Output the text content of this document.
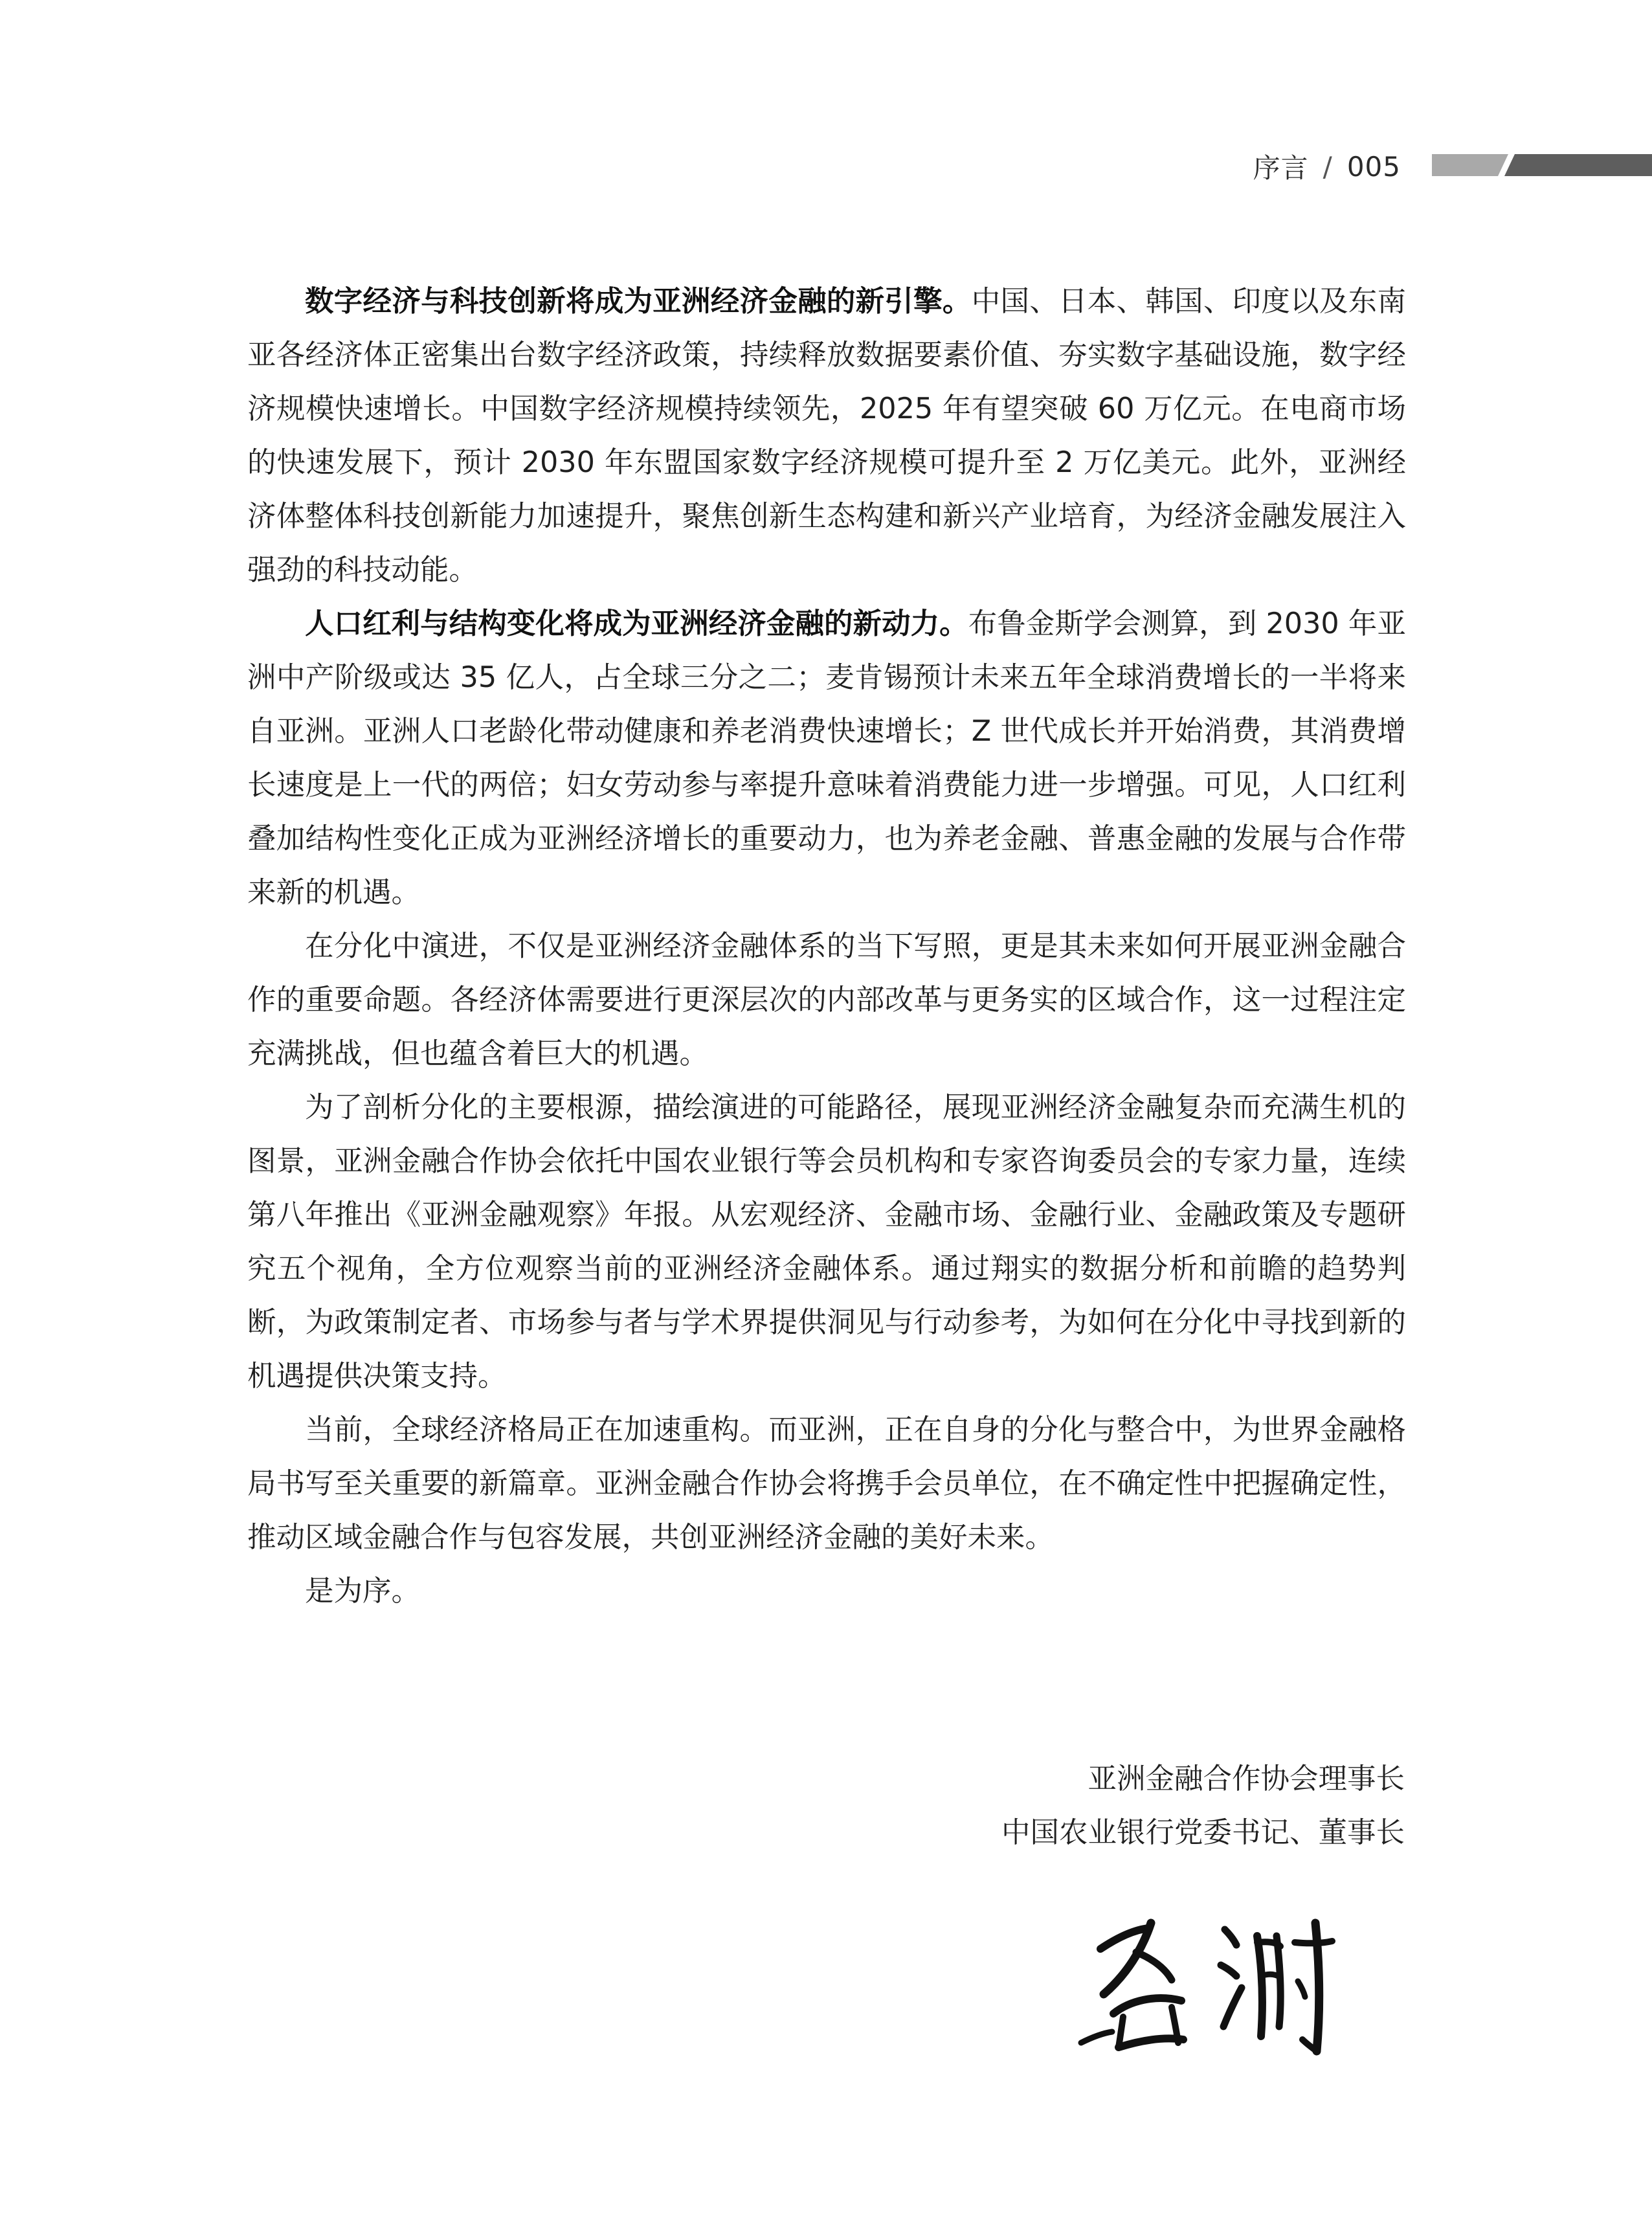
序言 / 005

数字经济与科技创新将成为亚洲经济金融的新引擎。中国、日本、韩国、印度以及东南亚各经济体正密集出台数字经济政策，持续释放数据要素价值、夯实数字基础设施，数字经济规模快速增长。中国数字经济规模持续领先，2025 年有望突破 60 万亿元。在电商市场的快速发展下，预计 2030 年东盟国家数字经济规模可提升至 2 万亿美元。此外，亚洲经济体整体科技创新能力加速提升，聚焦创新生态构建和新兴产业培育，为经济金融发展注入强劲的科技动能。

人口红利与结构变化将成为亚洲经济金融的新动力。布鲁金斯学会测算，到 2030 年亚洲中产阶级或达 35 亿人，占全球三分之二；麦肯锡预计未来五年全球消费增长的一半将来自亚洲。亚洲人口老龄化带动健康和养老消费快速增长；Z 世代成长并开始消费，其消费增长速度是上一代的两倍；妇女劳动参与率提升意味着消费能力进一步增强。可见，人口红利叠加结构性变化正成为亚洲经济增长的重要动力，也为养老金融、普惠金融的发展与合作带来新的机遇。

在分化中演进，不仅是亚洲经济金融体系的当下写照，更是其未来如何开展亚洲金融合作的重要命题。各经济体需要进行更深层次的内部改革与更务实的区域合作，这一过程注定充满挑战，但也蕴含着巨大的机遇。

为了剖析分化的主要根源，描绘演进的可能路径，展现亚洲经济金融复杂而充满生机的图景，亚洲金融合作协会依托中国农业银行等会员机构和专家咨询委员会的专家力量，连续第八年推出《亚洲金融观察》年报。从宏观经济、金融市场、金融行业、金融政策及专题研究五个视角，全方位观察当前的亚洲经济金融体系。通过翔实的数据分析和前瞻的趋势判断，为政策制定者、市场参与者与学术界提供洞见与行动参考，为如何在分化中寻找到新的机遇提供决策支持。

当前，全球经济格局正在加速重构。而亚洲，正在自身的分化与整合中，为世界金融格局书写至关重要的新篇章。亚洲金融合作协会将携手会员单位，在不确定性中把握确定性，推动区域金融合作与包容发展，共创亚洲经济金融的美好未来。

是为序。

亚洲金融合作协会理事长
中国农业银行党委书记、董事长
